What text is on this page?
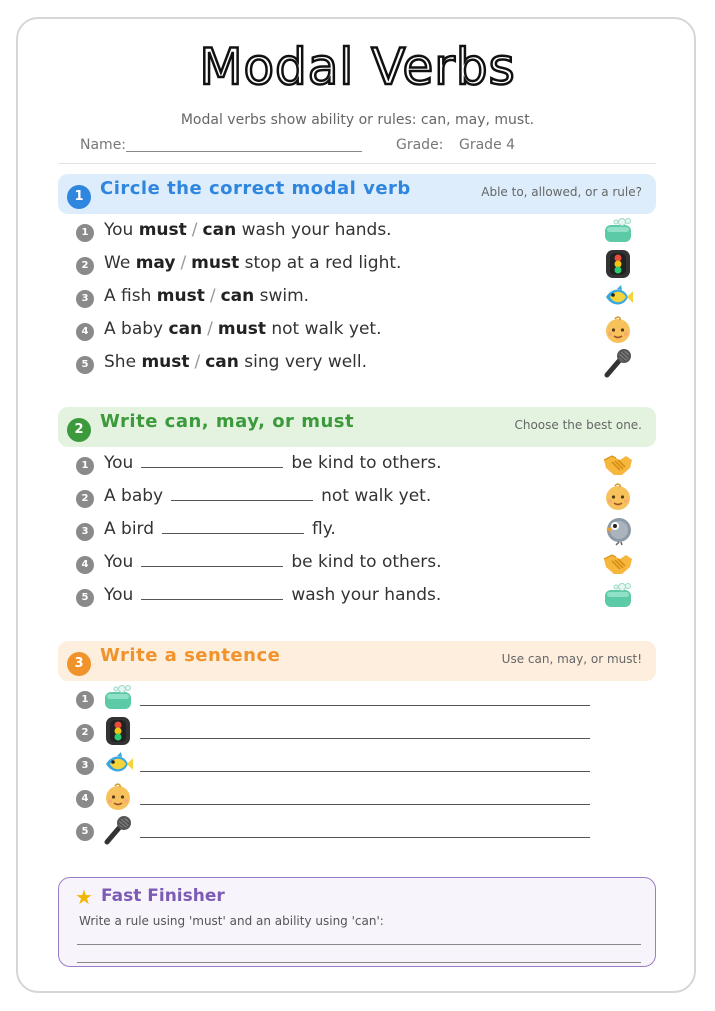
Modal Verbs
Modal verbs show ability or rules: can, may, must.
Name:	Grade: Grade 4
1 Circle the correct modal verb	Able to, allowed, or a rule?
1 You must / can wash your hands.
2 We may / must stop at a red light.
3 A fish must / can swim.
4 A baby can / must not walk yet.
5 She must / can sing very well.
2 Write can, may, or must	Choose the best one.
1 You	be kind to others.
2 A baby	not walk yet.
3 A bird	fly.
4 You	be kind to others.
5 You	wash your hands.
3 Write a sentence	Use can, may, or must!
1
2
3
4
5
★ Fast Finisher
Write a rule using 'must' and an ability using 'can':
